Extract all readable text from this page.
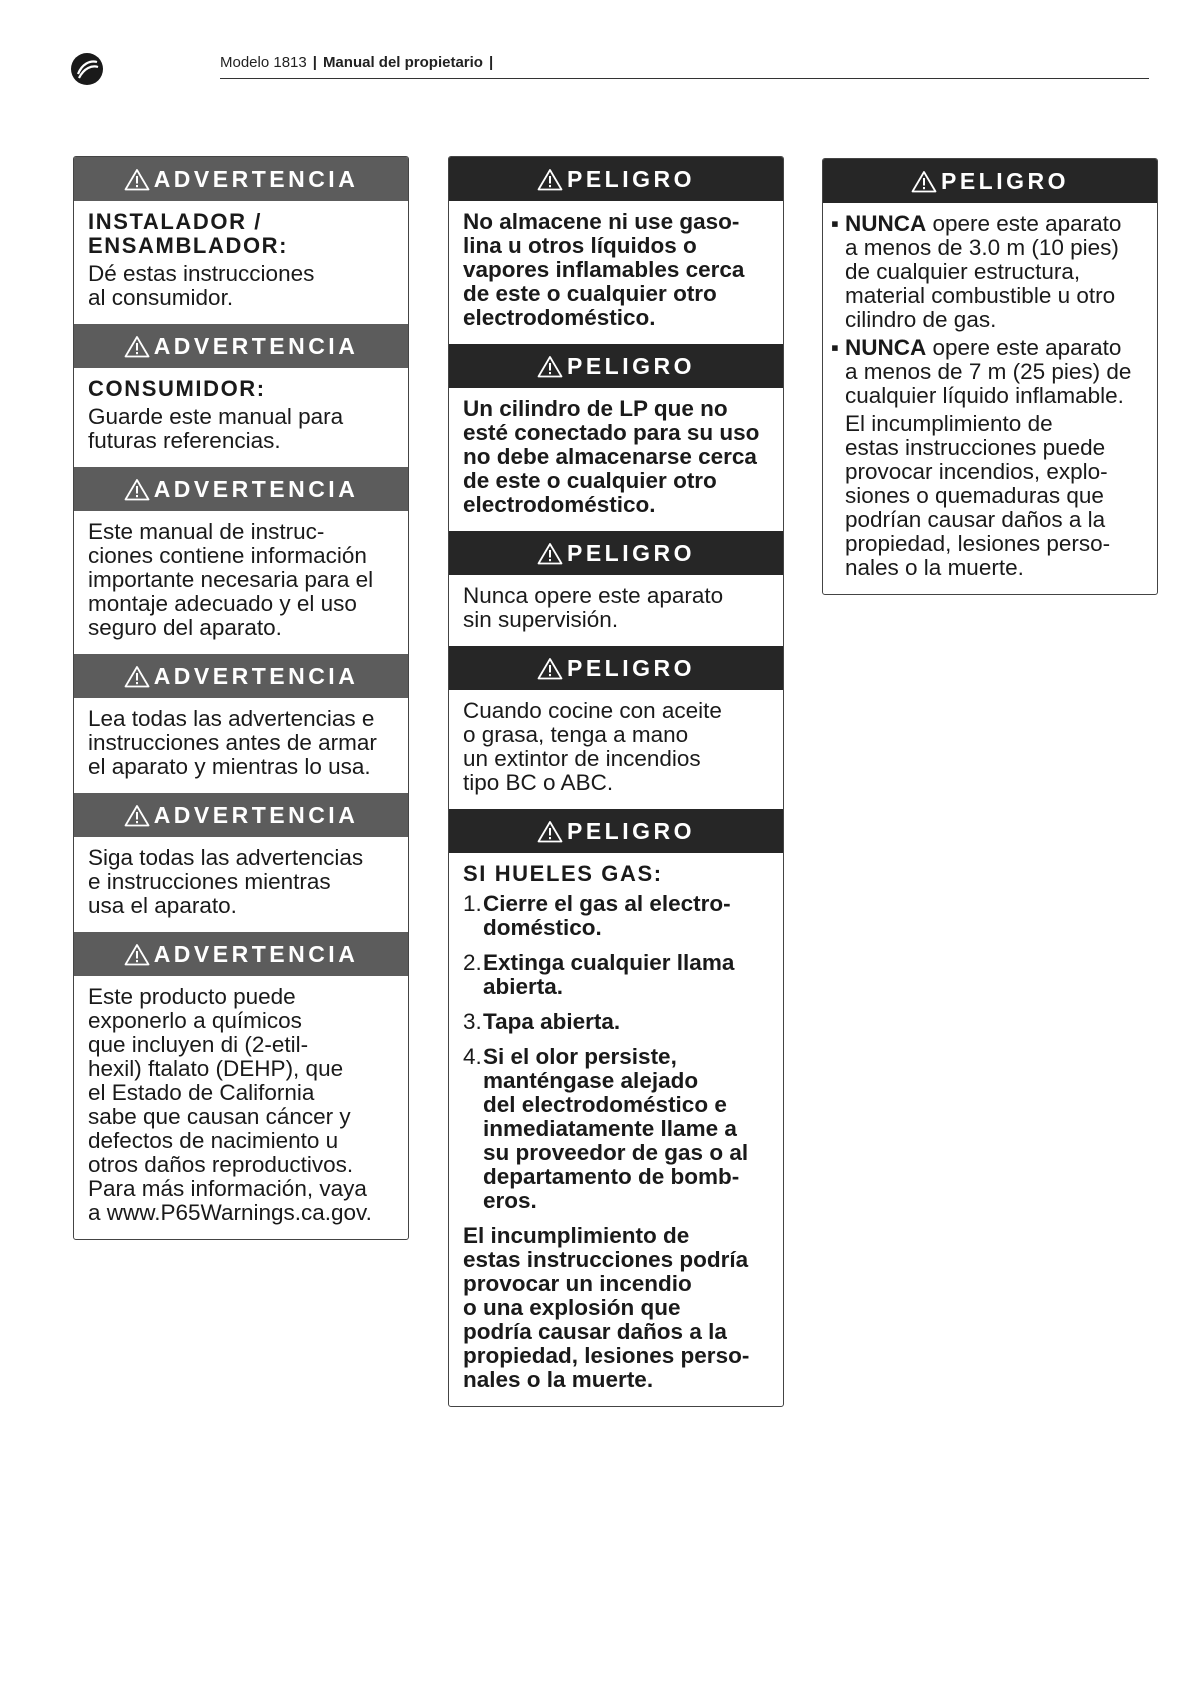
Modelo 1813 | Manual del propietario |
ADVERTENCIA

INSTALADOR /
ENSAMBLADOR:

Dé estas instrucciones
al consumidor.

ADVERTENCIA

CONSUMIDOR:

Guarde este manual para
futuras referencias.

ADVERTENCIA

Este manual de instruc-
ciones contiene información
importante necesaria para el
montaje adecuado y el uso
seguro del aparato.

ADVERTENCIA

Lea todas las advertencias e
instrucciones antes de armar
el aparato y mientras lo usa.

ADVERTENCIA

Siga todas las advertencias
e instrucciones mientras
usa el aparato.

ADVERTENCIA

Este producto puede
exponerlo a químicos
que incluyen di (2-etil-
hexil) ftalato (DEHP), que
el Estado de California
sabe que causan cáncer y
defectos de nacimiento u
otros daños reproductivos.
Para más información, vaya
a www.P65Warnings.ca.gov.

PELIGRO

No almacene ni use gaso-
lina u otros líquidos o
vapores inflamables cerca
de este o cualquier otro
electrodoméstico.

PELIGRO

Un cilindro de LP que no
esté conectado para su uso
no debe almacenarse cerca
de este o cualquier otro
electrodoméstico.

PELIGRO

Nunca opere este aparato
sin supervisión.

PELIGRO

Cuando cocine con aceite
o grasa, tenga a mano
un extintor de incendios
tipo BC o ABC.

PELIGRO

SI HUELES GAS:

1. Cierre el gas al electro-
doméstico.
2. Extinga cualquier llama
abierta.
3. Tapa abierta.
4. Si el olor persiste,
manténgase alejado
del electrodoméstico e
inmediatamente llame a
su proveedor de gas o al
departamento de bomb-
eros.

El incumplimiento de
estas instrucciones podría
provocar un incendio
o una explosión que
podría causar daños a la
propiedad, lesiones perso-
nales o la muerte.

PELIGRO
▪ NUNCA opere este aparato
a menos de 3.0 m (10 pies)
de cualquier estructura,
material combustible u otro
cilindro de gas.
▪ NUNCA opere este aparato
a menos de 7 m (25 pies) de
cualquier líquido inflamable.

El incumplimiento de
estas instrucciones puede
provocar incendios, explo-
siones o quemaduras que
podrían causar daños a la
propiedad, lesiones perso-
nales o la muerte.
